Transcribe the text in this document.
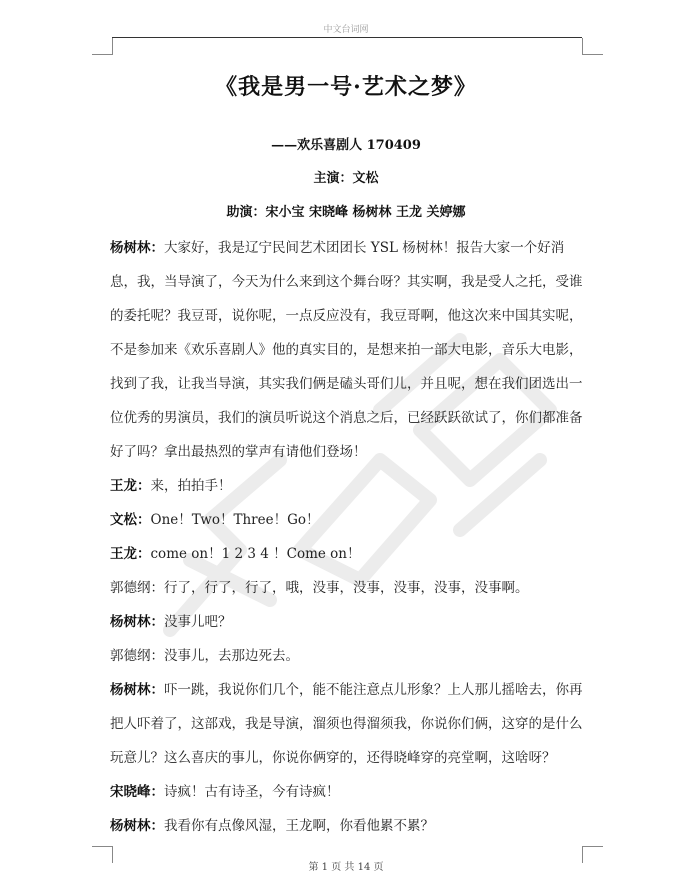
中文台词网
《我是男一号·艺术之梦》
——欢乐喜剧人 170409
主演：文松
助演：宋小宝 宋晓峰 杨树林 王龙 关婷娜

杨树林：大家好，我是辽宁民间艺术团团长 YSL 杨树林！报告大家一个好消息，我，当导演了，今天为什么来到这个舞台呀？其实啊，我是受人之托，受谁的委托呢？我豆哥，说你呢，一点反应没有，我豆哥啊，他这次来中国其实呢，不是参加来《欢乐喜剧人》他的真实目的，是想来拍一部大电影，音乐大电影，找到了我，让我当导演，其实我们俩是磕头哥们儿，并且呢，想在我们团选出一位优秀的男演员，我们的演员听说这个消息之后，已经跃跃欲试了，你们都准备好了吗？拿出最热烈的掌声有请他们登场！

王龙：来，拍拍手！

文松：One！Two！Three！Go！

王龙：come on！1 2 3 4 ！Come on！

郭德纲：行了，行了，行了，哦，没事，没事，没事，没事，没事啊。

杨树林：没事儿吧？

郭德纲：没事儿，去那边死去。

杨树林：吓一跳，我说你们几个，能不能注意点儿形象？上人那儿摇啥去，你再把人吓着了，这部戏，我是导演，溜须也得溜须我，你说你们俩，这穿的是什么玩意儿？这么喜庆的事儿，你说你俩穿的，还得晓峰穿的亮堂啊，这啥呀？

宋晓峰：诗疯！古有诗圣，今有诗疯！

杨树林：我看你有点像风湿，王龙啊，你看他累不累？

第 1 页 共 14 页
